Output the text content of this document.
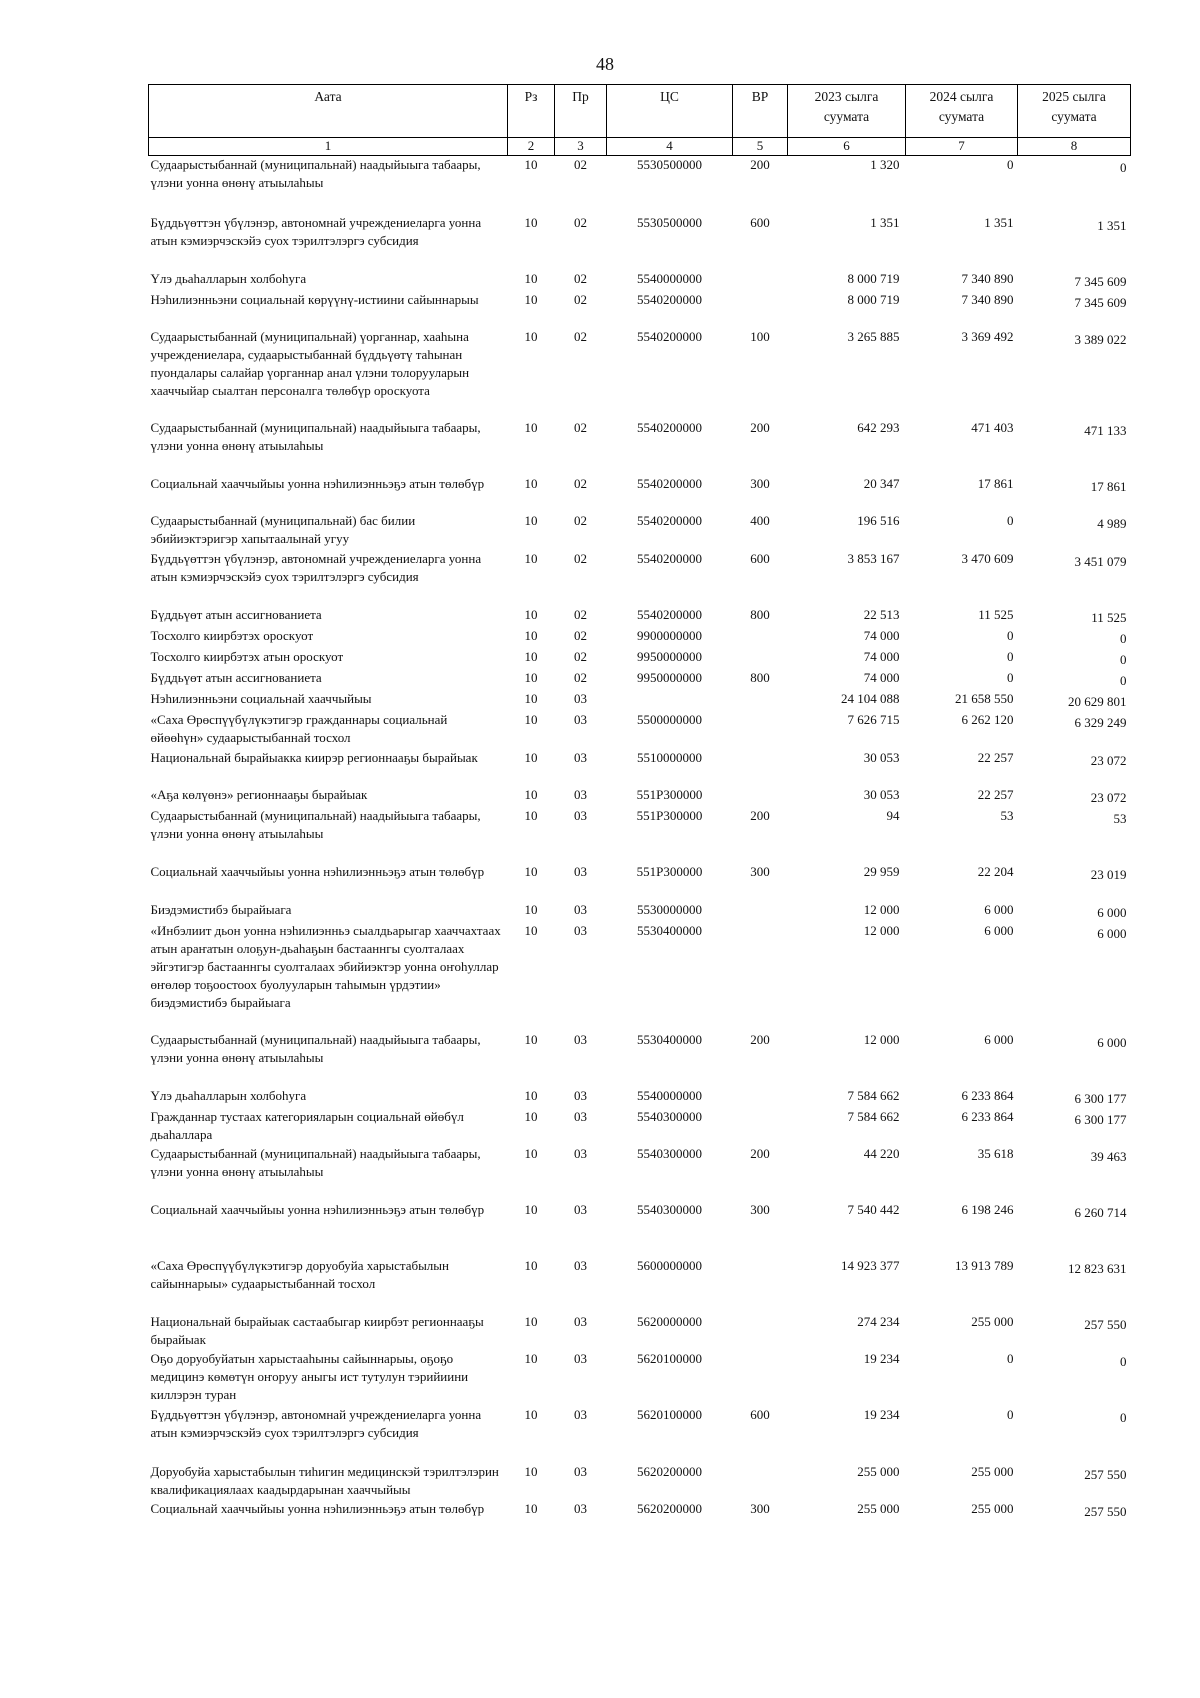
48
Аата	Рз	Пр	ЦС	ВР	2023 сылга суумата	2024 сылга суумата	2025 сылга суумата
1	2	3	4	5	6	7	8
Судаарыстыбаннай (муниципальнай) наадыйыыга табаары, үлэни уонна өнөнү атыылаһыы	10	02	5530500000	200	1 320	0	0
Бүддьүөттэн үбүлэнэр, автономнай учреждениеларга уонна атын кэмиэрчэскэйэ суох тэрилтэлэргэ субсидия	10	02	5530500000	600	1 351	1 351	1 351
Үлэ дьаһалларын холбоһуга	10	02	5540000000		8 000 719	7 340 890	7 345 609
Нэһилиэнньэни социальнай көрүүнү-истиини сайыннарыы	10	02	5540200000		8 000 719	7 340 890	7 345 609
Судаарыстыбаннай (муниципальнай) үорганнар, хааһына учреждениелара, судаарыстыбаннай бүддьүөтү таһынан пуондалары салайар үорганнар анал үлэни толорууларын хааччыйар сыалтан персоналга төлөбүр ороскуота	10	02	5540200000	100	3 265 885	3 369 492	3 389 022
Судаарыстыбаннай (муниципальнай) наадыйыыга табаары, үлэни уонна өнөнү атыылаһыы	10	02	5540200000	200	642 293	471 403	471 133
Социальнай хааччыйыы уонна нэһилиэнньэҕэ атын төлөбүр	10	02	5540200000	300	20 347	17 861	17 861
Судаарыстыбаннай (муниципальнай) бас билии эбийиэктэригэр хапытаалынай угуу	10	02	5540200000	400	196 516	0	4 989
Бүддьүөттэн үбүлэнэр, автономнай учреждениеларга уонна атын кэмиэрчэскэйэ суох тэрилтэлэргэ субсидия	10	02	5540200000	600	3 853 167	3 470 609	3 451 079
Бүддьүөт атын ассигнованиета	10	02	5540200000	800	22 513	11 525	11 525
Тосхолго киирбэтэх ороскуот	10	02	9900000000		74 000	0	0
Тосхолго киирбэтэх атын ороскуот	10	02	9950000000		74 000	0	0
Бүддьүөт атын ассигнованиета	10	02	9950000000	800	74 000	0	0
Нэһилиэнньэни социальнай хааччыйыы	10	03			24 104 088	21 658 550	20 629 801
«Саха Өрөспүүбүлүкэтигэр гражданнары социальнай өйөөһүн» судаарыстыбаннай тосхол	10	03	5500000000		7 626 715	6 262 120	6 329 249
Национальнай бырайыакка киирэр регионнааҕы бырайыак	10	03	5510000000		30 053	22 257	23 072
«Аҕа көлүөнэ» регионнааҕы бырайыак	10	03	551Р300000		30 053	22 257	23 072
Судаарыстыбаннай (муниципальнай) наадыйыыга табаары, үлэни уонна өнөнү атыылаһыы	10	03	551Р300000	200	94	53	53
Социальнай хааччыйыы уонна нэһилиэнньэҕэ атын төлөбүр	10	03	551Р300000	300	29 959	22 204	23 019
Биэдэмистибэ бырайыага	10	03	5530000000		12 000	6 000	6 000
«Инбэлиит дьон уонна нэһилиэнньэ сыалдьарыгар хааччахтаах атын араҥатын олоҕун-дьаһаҕын бастааннгы суолталаах эйгэтигэр бастааннгы суолталаах эбийиэктэр уонна оҥоһуллар өҥөлөр тоҕоостоох буолууларын таһымын үрдэтии» биэдэмистибэ бырайыага	10	03	5530400000		12 000	6 000	6 000
Судаарыстыбаннай (муниципальнай) наадыйыыга табаары, үлэни уонна өнөнү атыылаһыы	10	03	5530400000	200	12 000	6 000	6 000
Үлэ дьаһалларын холбоһуга	10	03	5540000000		7 584 662	6 233 864	6 300 177
Гражданнар тустаах категорияларын социальнай өйөбүл дьаһаллара	10	03	5540300000		7 584 662	6 233 864	6 300 177
Судаарыстыбаннай (муниципальнай) наадыйыыга табаары, үлэни уонна өнөнү атыылаһыы	10	03	5540300000	200	44 220	35 618	39 463
Социальнай хааччыйыы уонна нэһилиэнньэҕэ атын төлөбүр	10	03	5540300000	300	7 540 442	6 198 246	6 260 714
«Саха Өрөспүүбүлүкэтигэр доруобуйа харыстабылын сайыннарыы» судаарыстыбаннай тосхол	10	03	5600000000		14 923 377	13 913 789	12 823 631
Национальнай бырайыак састаабыгар киирбэт регионнааҕы бырайыак	10	03	5620000000		274 234	255 000	257 550
Оҕо доруобуйатын харыстааһыны сайыннарыы, оҕоҕо медицинэ көмөтүн оҥоруу аныгы ист тутулун тэрийиини киллэрэн туран	10	03	5620100000		19 234	0	0
Бүддьүөттэн үбүлэнэр, автономнай учреждениеларга уонна атын кэмиэрчэскэйэ суох тэрилтэлэргэ субсидия	10	03	5620100000	600	19 234	0	0
Доруобуйа харыстабылын тиһигин медицинскэй тэрилтэлэрин квалификациялаах каадырдарынан хааччыйыы	10	03	5620200000		255 000	255 000	257 550
Социальнай хааччыйыы уонна нэһилиэнньэҕэ атын төлөбүр	10	03	5620200000	300	255 000	255 000	257 550
